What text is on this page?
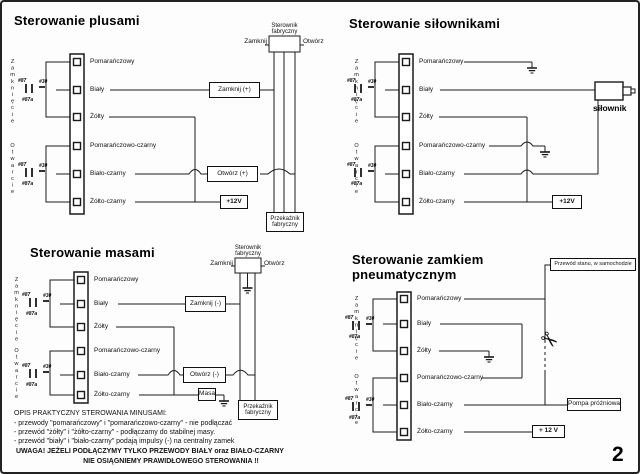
#87
#87a
#30
Sterowanie plusami	Sterowanie siłownikami
Sterowanie masami	Sterowanie zamkiem
pneumatycznym
Zamknięcie
Otwarcie
Zamknięcie
Otwarcie
Zamknięcie
Otwarcie
Zamknięcie
Otwarcie
Pomarańczowy
Biały
Żółty
Pomarańczowo-czarny
Biało-czarny
Żółto-czarny
Pomarańczowy
Biały
Żółty
Pomarańczowo-czarny
Biało-czarny
Żółto-czarny
Pomarańczowy
Biały
Żółty
Pomarańczowo-czarny
Biało-czarny
Żółto-czarny
Pomarańczowy
Biały
Żółty
Pomarańczowo-czarny
Biało-czarny
Żółto-czarny
Sterownik fabryczny
Zamknij	Otwórz
Zamknij (+)
Otwórz (+)
+12V
Przekaźnik fabryczny
+12V
siłownik
Sterownik fabryczny
Zamknij	Otwórz
Zamknij (-)
Otwórz (-)
Masa
Przekaźnik fabryczny
Przewód stanu, w samochodzie
Pompa próżniowa
+ 12 V
✂
OPIS PRAKTYCZNY STEROWANIA MINUSAMI:
- przewody "pomarańczowy" i "pomarańczowo-czarny" - nie podłączać
- przewód "żółty" i "żółto-czarny" - podłączamy do stabilnej masy.
- przewód "biały" i "biało-czarny" podają impulsy (-) na centralny zamek
UWAGA! JEŻELI PODŁĄCZYMY TYLKO PRZEWODY BIAŁY oraz BIAŁO-CZARNY
NIE OSIĄGNIEMY PRAWIDŁOWEGO STEROWANIA !!	2
